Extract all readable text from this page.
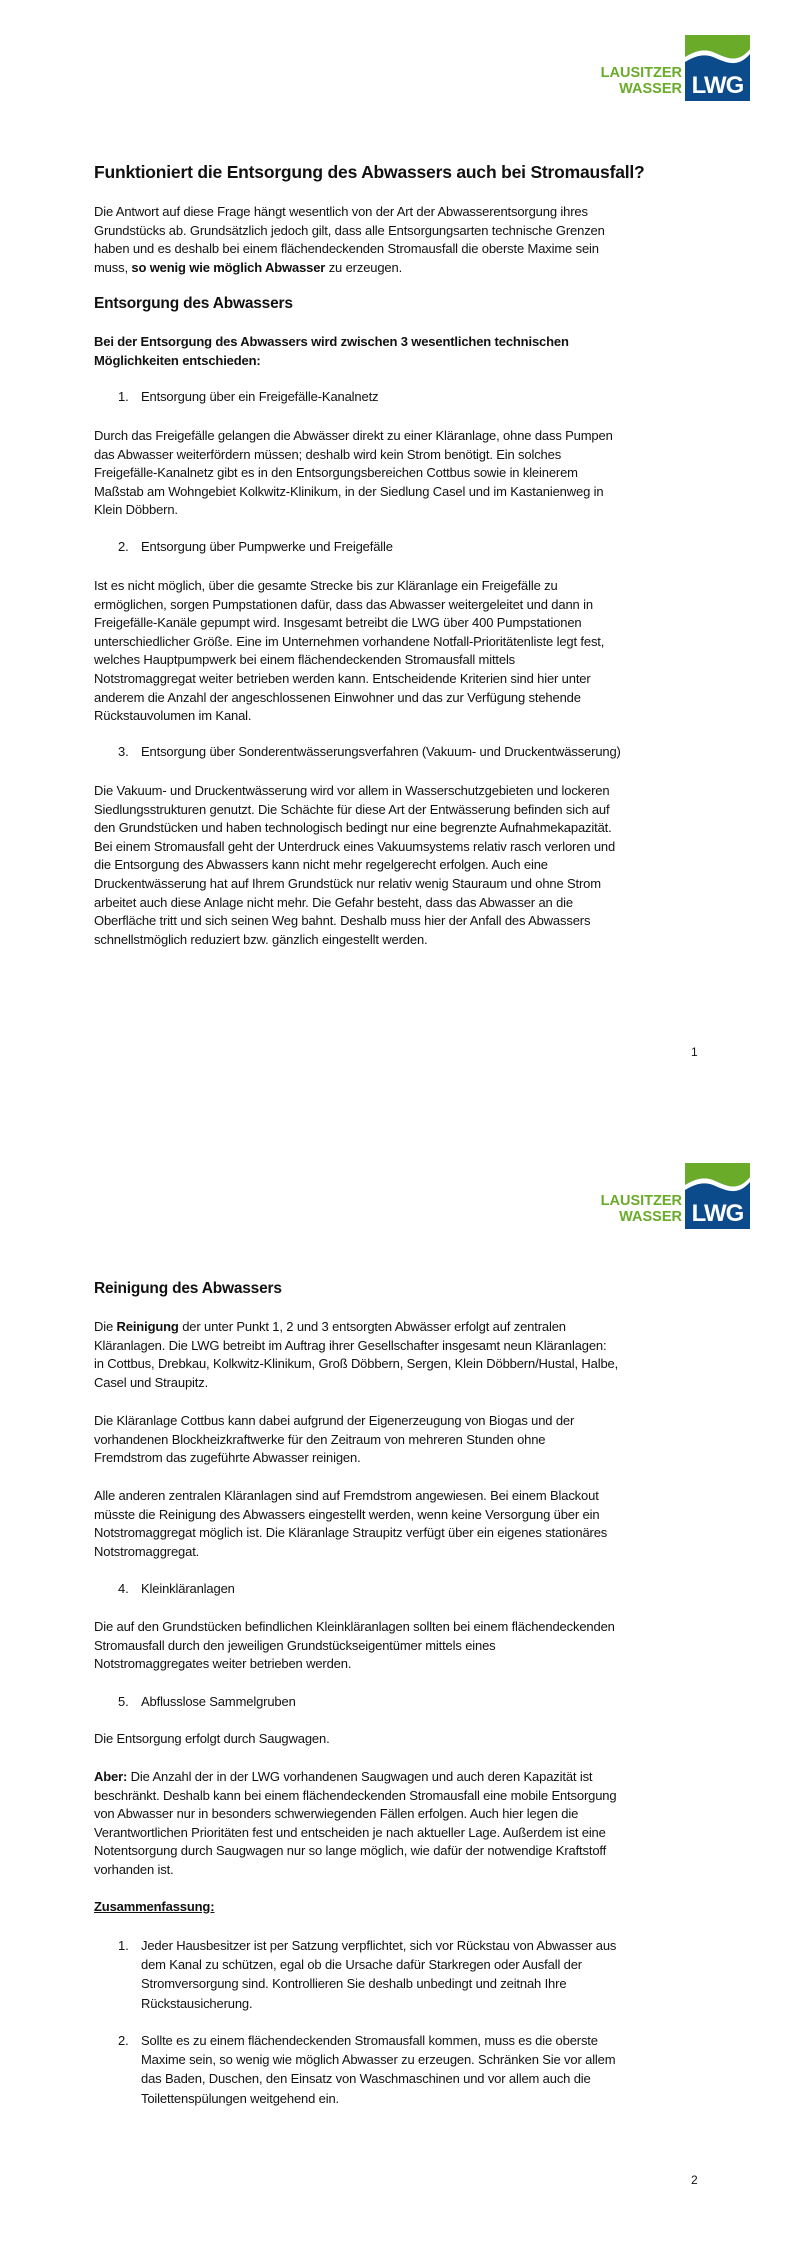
LAUSITZER
WASSER LWG
Funktioniert die Entsorgung des Abwassers auch bei Stromausfall?
Die Antwort auf diese Frage hängt wesentlich von der Art der Abwasserentsorgung ihres
Grundstücks ab. Grundsätzlich jedoch gilt, dass alle Entsorgungsarten technische Grenzen
haben und es deshalb bei einem flächendeckenden Stromausfall die oberste Maxime sein
muss, so wenig wie möglich Abwasser zu erzeugen.
Entsorgung des Abwassers
Bei der Entsorgung des Abwassers wird zwischen 3 wesentlichen technischen
Möglichkeiten entschieden:
1. Entsorgung über ein Freigefälle-Kanalnetz
Durch das Freigefälle gelangen die Abwässer direkt zu einer Kläranlage, ohne dass Pumpen
das Abwasser weiterfördern müssen; deshalb wird kein Strom benötigt. Ein solches
Freigefälle-Kanalnetz gibt es in den Entsorgungsbereichen Cottbus sowie in kleinerem
Maßstab am Wohngebiet Kolkwitz-Klinikum, in der Siedlung Casel und im Kastanienweg in
Klein Döbbern.
2. Entsorgung über Pumpwerke und Freigefälle
Ist es nicht möglich, über die gesamte Strecke bis zur Kläranlage ein Freigefälle zu
ermöglichen, sorgen Pumpstationen dafür, dass das Abwasser weitergeleitet und dann in
Freigefälle-Kanäle gepumpt wird. Insgesamt betreibt die LWG über 400 Pumpstationen
unterschiedlicher Größe. Eine im Unternehmen vorhandene Notfall-Prioritätenliste legt fest,
welches Hauptpumpwerk bei einem flächendeckenden Stromausfall mittels
Notstromaggregat weiter betrieben werden kann. Entscheidende Kriterien sind hier unter
anderem die Anzahl der angeschlossenen Einwohner und das zur Verfügung stehende
Rückstauvolumen im Kanal.
3. Entsorgung über Sonderentwässerungsverfahren (Vakuum- und Druckentwässerung)
Die Vakuum- und Druckentwässerung wird vor allem in Wasserschutzgebieten und lockeren
Siedlungsstrukturen genutzt. Die Schächte für diese Art der Entwässerung befinden sich auf
den Grundstücken und haben technologisch bedingt nur eine begrenzte Aufnahmekapazität.
Bei einem Stromausfall geht der Unterdruck eines Vakuumsystems relativ rasch verloren und
die Entsorgung des Abwassers kann nicht mehr regelgerecht erfolgen. Auch eine
Druckentwässerung hat auf Ihrem Grundstück nur relativ wenig Stauraum und ohne Strom
arbeitet auch diese Anlage nicht mehr. Die Gefahr besteht, dass das Abwasser an die
Oberfläche tritt und sich seinen Weg bahnt. Deshalb muss hier der Anfall des Abwassers
schnellstmöglich reduziert bzw. gänzlich eingestellt werden.
1
LAUSITZER
WASSER LWG
Reinigung des Abwassers
Die Reinigung der unter Punkt 1, 2 und 3 entsorgten Abwässer erfolgt auf zentralen
Kläranlagen. Die LWG betreibt im Auftrag ihrer Gesellschafter insgesamt neun Kläranlagen:
in Cottbus, Drebkau, Kolkwitz-Klinikum, Groß Döbbern, Sergen, Klein Döbbern/Hustal, Halbe,
Casel und Straupitz.
Die Kläranlage Cottbus kann dabei aufgrund der Eigenerzeugung von Biogas und der
vorhandenen Blockheizkraftwerke für den Zeitraum von mehreren Stunden ohne
Fremdstrom das zugeführte Abwasser reinigen.
Alle anderen zentralen Kläranlagen sind auf Fremdstrom angewiesen. Bei einem Blackout
müsste die Reinigung des Abwassers eingestellt werden, wenn keine Versorgung über ein
Notstromaggregat möglich ist. Die Kläranlage Straupitz verfügt über ein eigenes stationäres
Notstromaggregat.
4. Kleinkläranlagen
Die auf den Grundstücken befindlichen Kleinkläranlagen sollten bei einem flächendeckenden
Stromausfall durch den jeweiligen Grundstückseigentümer mittels eines
Notstromaggregates weiter betrieben werden.
5. Abflusslose Sammelgruben
Die Entsorgung erfolgt durch Saugwagen.
Aber: Die Anzahl der in der LWG vorhandenen Saugwagen und auch deren Kapazität ist
beschränkt. Deshalb kann bei einem flächendeckenden Stromausfall eine mobile Entsorgung
von Abwasser nur in besonders schwerwiegenden Fällen erfolgen. Auch hier legen die
Verantwortlichen Prioritäten fest und entscheiden je nach aktueller Lage. Außerdem ist eine
Notentsorgung durch Saugwagen nur so lange möglich, wie dafür der notwendige Kraftstoff
vorhanden ist.
Zusammenfassung:
1. Jeder Hausbesitzer ist per Satzung verpflichtet, sich vor Rückstau von Abwasser aus
dem Kanal zu schützen, egal ob die Ursache dafür Starkregen oder Ausfall der
Stromversorgung sind. Kontrollieren Sie deshalb unbedingt und zeitnah Ihre
Rückstausicherung.
2. Sollte es zu einem flächendeckenden Stromausfall kommen, muss es die oberste
Maxime sein, so wenig wie möglich Abwasser zu erzeugen. Schränken Sie vor allem
das Baden, Duschen, den Einsatz von Waschmaschinen und vor allem auch die
Toilettenspülungen weitgehend ein.
2
